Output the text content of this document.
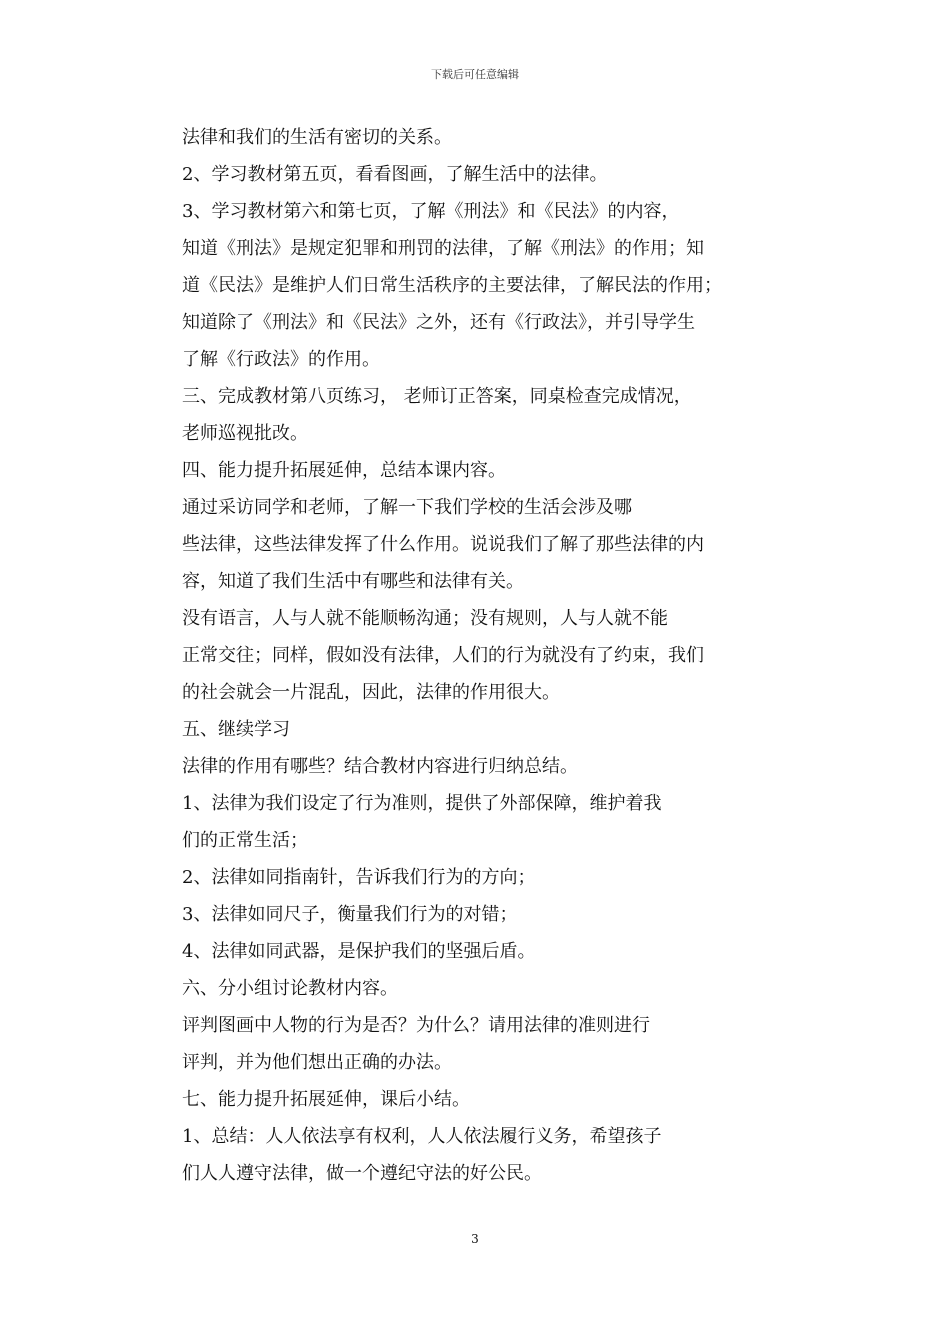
下载后可任意编辑
法律和我们的生活有密切的关系。
2、学习教材第五页，看看图画，了解生活中的法律。
3、学习教材第六和第七页，了解《刑法》和《民法》的内容，
知道《刑法》是规定犯罪和刑罚的法律，了解《刑法》的作用；知
道《民法》是维护人们日常生活秩序的主要法律，了解民法的作用；
知道除了《刑法》和《民法》之外，还有《行政法》，并引导学生
了解《行政法》的作用。
三、完成教材第八页练习， 老师订正答案，同桌检查完成情况，
老师巡视批改。
四、能力提升拓展延伸，总结本课内容。
通过采访同学和老师，了解一下我们学校的生活会涉及哪
些法律，这些法律发挥了什么作用。说说我们了解了那些法律的内
容，知道了我们生活中有哪些和法律有关。
没有语言，人与人就不能顺畅沟通；没有规则，人与人就不能
正常交往；同样，假如没有法律，人们的行为就没有了约束，我们
的社会就会一片混乱，因此，法律的作用很大。
五、继续学习
法律的作用有哪些？结合教材内容进行归纳总结。
1、法律为我们设定了行为准则，提供了外部保障，维护着我
们的正常生活；
2、法律如同指南针，告诉我们行为的方向；
3、法律如同尺子，衡量我们行为的对错；
4、法律如同武器，是保护我们的坚强后盾。
六、分小组讨论教材内容。
评判图画中人物的行为是否？为什么？请用法律的准则进行
评判，并为他们想出正确的办法。
七、能力提升拓展延伸，课后小结。
1、总结：人人依法享有权利，人人依法履行义务，希望孩子
们人人遵守法律，做一个遵纪守法的好公民。
3
